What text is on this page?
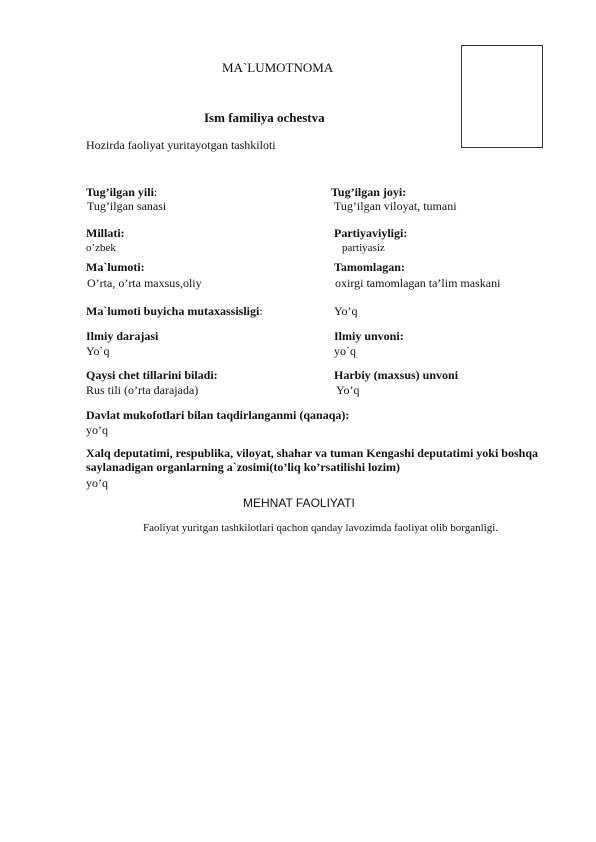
MA`LUMOTNOMA
Ism familiya ochestva
Hozirda faoliyat yuritayotgan tashkiloti
Tug’ilgan yili:
Tug’ilgan sanasi
Tug’ilgan joyi:
Tug’ilgan viloyat, tumani
Millati:
o’zbek
Partiyaviyligi:
partiyasiz
Ma`lumoti:
O’rta, o’rta maxsus,oliy
Tamomlagan:
oxirgi tamomlagan ta’lim maskani
Ma`lumoti buyicha mutaxassisligi:	Yo’q
Ilmiy darajasi
Yo`q
Ilmiy unvoni:
yo`q
Qaysi chet tillarini biladi:
Rus tili (o’rta darajada)
Harbiy (maxsus) unvoni
Yo’q
Davlat mukofotlari bilan taqdirlanganmi (qanaqa):
yo’q
Xalq deputatimi, respublika, viloyat, shahar va tuman Kengashi deputatimi yoki boshqa saylanadigan organlarning a`zosimi(to’liq ko’rsatilishi lozim)
yo’q
MEHNAT FAOLIYATI
Faoliyat yuritgan tashkilotlari qachon qanday lavozimda faoliyat olib borganligi.
